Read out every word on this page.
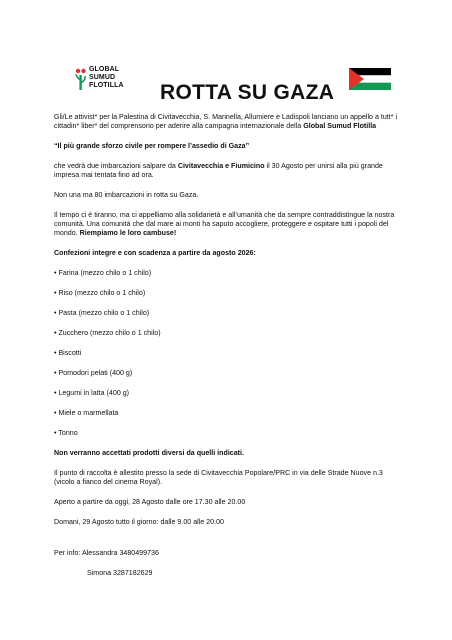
GLOBAL
SUMUD
FLOTILLA ROTTA SU GAZA

Gli/Le attivist* per la Palestina di Civitavecchia, S. Marinella, Allumiere e Ladispoli lanciano un appello a tutt* i cittadin* liber* del comprensorio per aderire alla campagna internazionale della Global Sumud Flotilla

“Il più grande sforzo civile per rompere l’assedio di Gaza”

che vedrà due imbarcazioni salpare da Civitavecchia e Fiumicino il 30 Agosto per unirsi alla più grande impresa mai tentata fino ad ora.

Non una ma 80 imbarcazioni in rotta su Gaza.

Il tempo ci è tiranno, ma ci appelliamo alla solidarietà e all’umanità che da sempre contraddistingue la nostra comunità. Una comunità che dal mare ai monti ha saputo accogliere, proteggere e ospitare tutti i popoli del mondo. Riempiamo le loro cambuse!

Confezioni integre e con scadenza a partire da agosto 2026:

• Farina (mezzo chilo o 1 chilo)

• Riso (mezzo chilo o 1 chilo)

• Pasta (mezzo chilo o 1 chilo)

• Zucchero (mezzo chilo o 1 chilo)

• Biscotti

• Pomodori pelati (400 g)

• Legumi in latta (400 g)

• Miele o marmellata

• Tonno

Non verranno accettati prodotti diversi da quelli indicati.

Il punto di raccolta è allestito presso la sede di Civitavecchia Popolare/PRC in via delle Strade Nuove n.3 (vicolo a fianco del cinema Royal).

Aperto a partire da oggi, 28 Agosto dalle ore 17.30 alle 20.00

Domani, 29 Agosto tutto il giorno: dalle 9.00 alle 20.00

Per info: Alessandra 3480499736

Simona 3287182629
